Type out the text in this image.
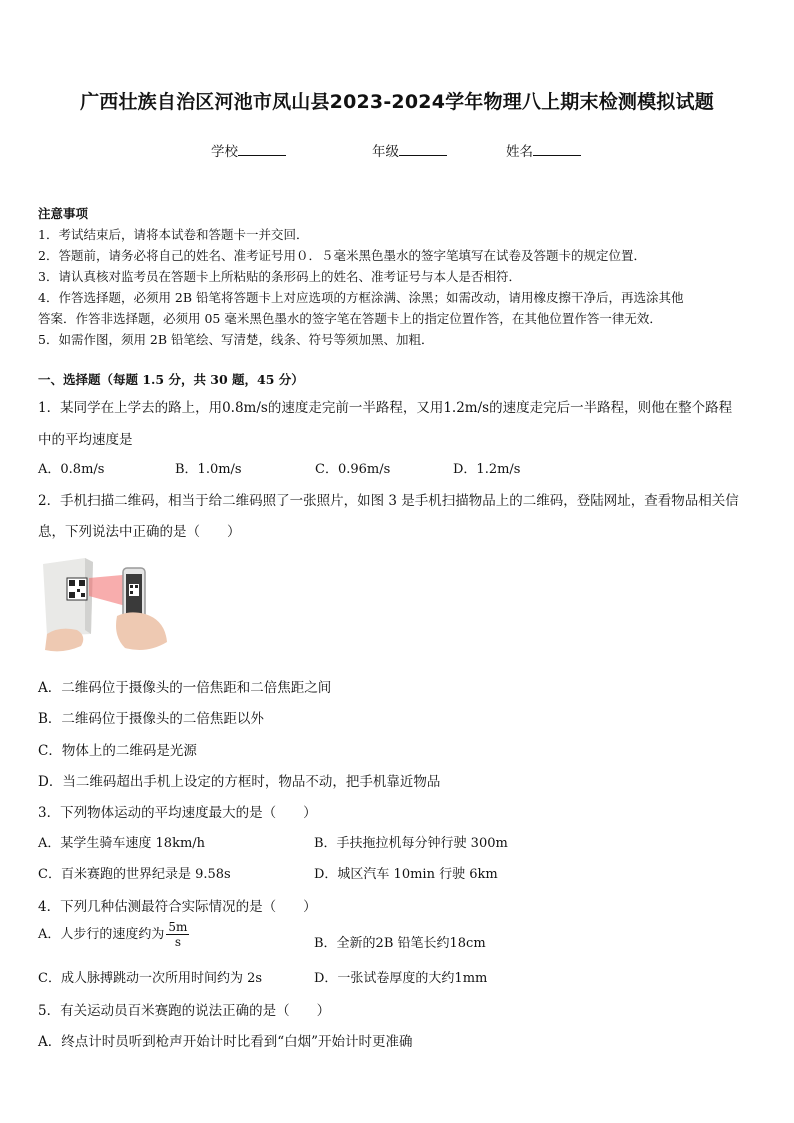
广西壮族自治区河池市凤山县2023-2024学年物理八上期末检测模拟试题
学校	年级	姓名
注意事项
1．考试结束后，请将本试卷和答题卡一并交回．
2．答题前，请务必将自己的姓名、准考证号用０．５毫米黑色墨水的签字笔填写在试卷及答题卡的规定位置．
3．请认真核对监考员在答题卡上所粘贴的条形码上的姓名、准考证号与本人是否相符．
4．作答选择题，必须用 2B 铅笔将答题卡上对应选项的方框涂满、涂黑；如需改动，请用橡皮擦干净后，再选涂其他
答案．作答非选择题，必须用 05 毫米黑色墨水的签字笔在答题卡上的指定位置作答，在其他位置作答一律无效．
5．如需作图，须用 2B 铅笔绘、写清楚，线条、符号等须加黑、加粗．
一、选择题（每题 1.5 分，共 30 题，45 分）
1．某同学在上学去的路上，用0.8m/s的速度走完前一半路程，又用1.2m/s的速度走完后一半路程，则他在整个路程
中的平均速度是
A．0.8m/s	B．1.0m/s	C．0.96m/s	D．1.2m/s
2．手机扫描二维码，相当于给二维码照了一张照片，如图 3 是手机扫描物品上的二维码，登陆网址，查看物品相关信
息，下列说法中正确的是（　　）
A．二维码位于摄像头的一倍焦距和二倍焦距之间
B．二维码位于摄像头的二倍焦距以外
C．物体上的二维码是光源
D．当二维码超出手机上设定的方框时，物品不动，把手机靠近物品
3．下列物体运动的平均速度最大的是（　　）
A．某学生骑车速度 18km/h	B．手扶拖拉机每分钟行驶 300m
C．百米赛跑的世界纪录是 9.58s	D．城区汽车 10min 行驶 6km
4．下列几种估测最符合实际情况的是（　　）
A．人步行的速度约为 $\frac{5m}{s}$	B．全新的2B 铅笔长约18cm
C．成人脉搏跳动一次所用时间约为 2s	D．一张试卷厚度的大约1mm
5．有关运动员百米赛跑的说法正确的是（　　）
A．终点计时员听到枪声开始计时比看到“白烟”开始计时更准确
